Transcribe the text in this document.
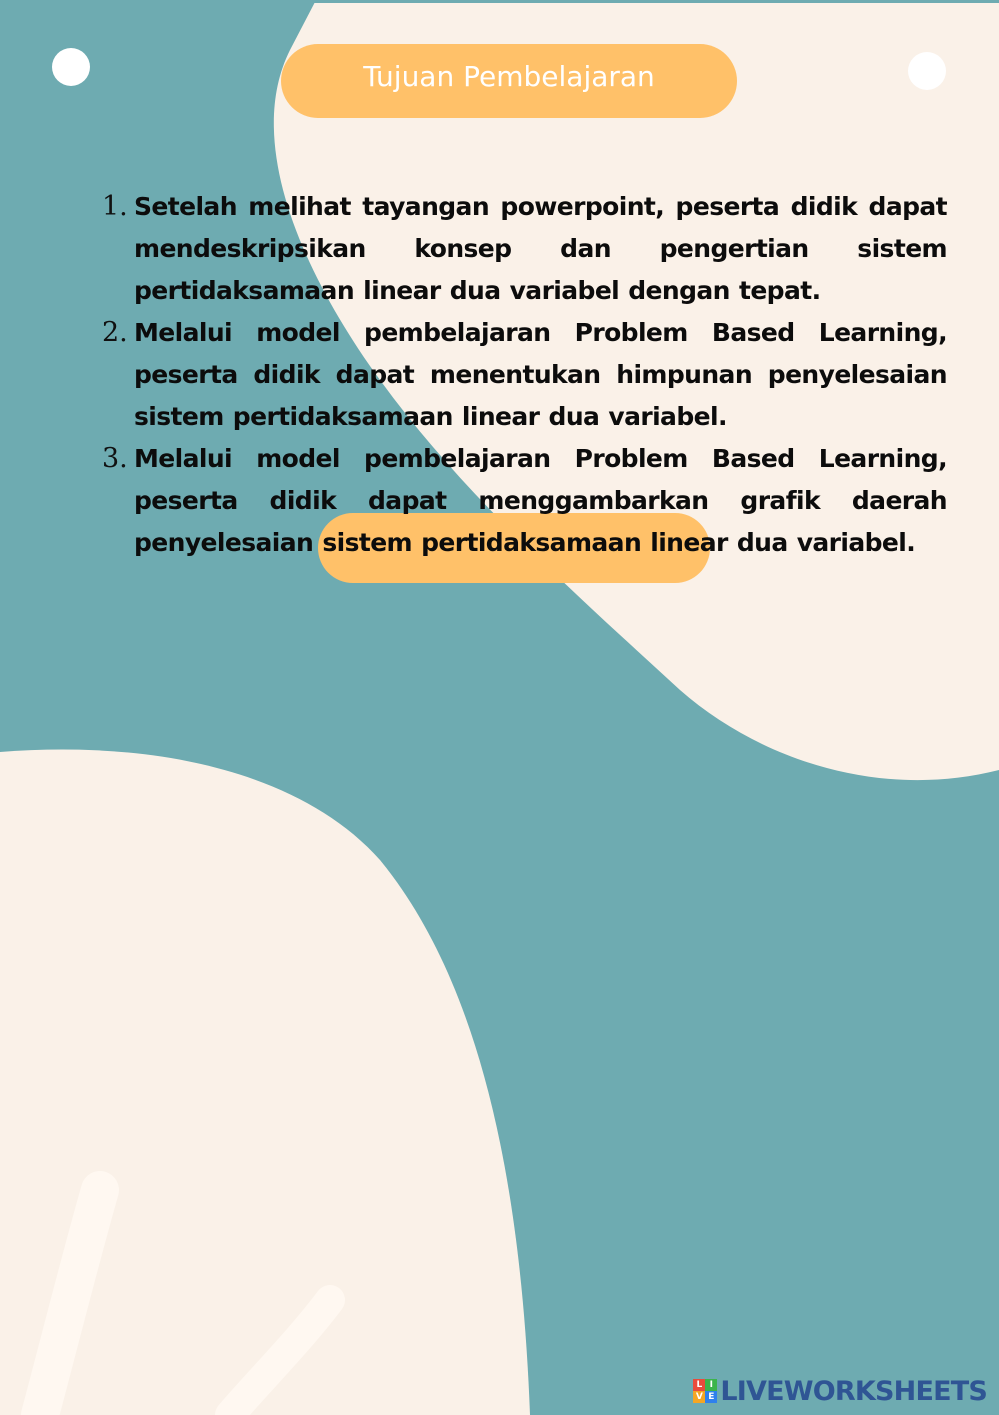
Tujuan Pembelajaran
1. Setelah melihat tayangan powerpoint, peserta didik dapat mendeskripsikan konsep dan pengertian sistem pertidaksamaan linear dua variabel dengan tepat.
2. Melalui model pembelajaran Problem Based Learning, peserta didik dapat menentukan himpunan penyelesaian sistem pertidaksamaan linear dua variabel.
3. Melalui model pembelajaran Problem Based Learning, peserta didik dapat menggambarkan grafik daerah penyelesaian sistem pertidaksamaan linear dua variabel.
L I
V E LIVEWORKSHEETS
